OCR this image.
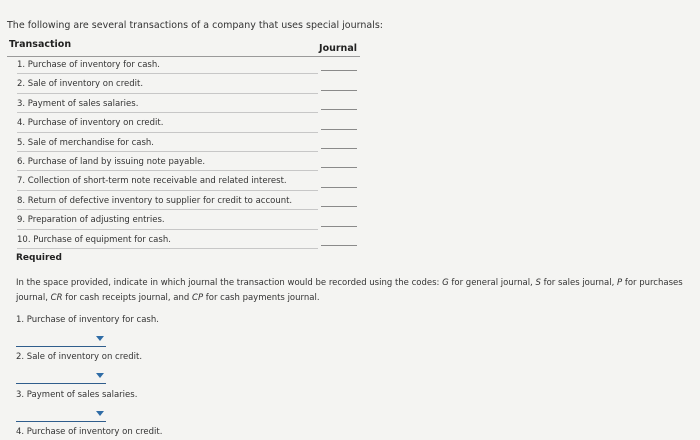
The following are several transactions of a company that uses special journals:
Transaction	Journal
1. Purchase of inventory for cash.
2. Sale of inventory on credit.
3. Payment of sales salaries.
4. Purchase of inventory on credit.
5. Sale of merchandise for cash.
6. Purchase of land by issuing note payable.
7. Collection of short-term note receivable and related interest.
8. Return of defective inventory to supplier for credit to account.
9. Preparation of adjusting entries.
10. Purchase of equipment for cash.
Required
In the space provided, indicate in which journal the transaction would be recorded using the codes: G for general journal, S for sales journal, P for purchases journal, CR for cash receipts journal, and CP for cash payments journal.
1. Purchase of inventory for cash.
2. Sale of inventory on credit.
3. Payment of sales salaries.
4. Purchase of inventory on credit.
